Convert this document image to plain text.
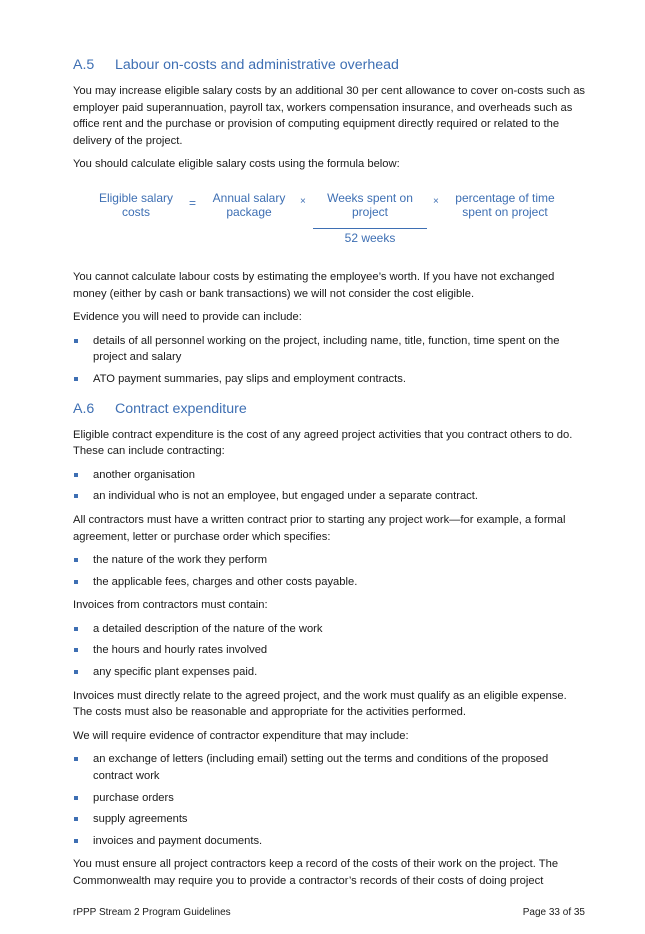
A.5	Labour on-costs and administrative overhead

You may increase eligible salary costs by an additional 30 per cent allowance to cover on-costs such as employer paid superannuation, payroll tax, workers compensation insurance, and overheads such as office rent and the purchase or provision of computing equipment directly required or related to the delivery of the project.

You should calculate eligible salary costs using the formula below:

Eligible salary
costs
=	Annual salary
package
×	Weeks spent on
project
52 weeks
×	percentage of time
spent on project

You cannot calculate labour costs by estimating the employee’s worth. If you have not exchanged money (either by cash or bank transactions) we will not consider the cost eligible.

Evidence you will need to provide can include:

details of all personnel working on the project, including name, title, function, time spent on the project and salary
ATO payment summaries, pay slips and employment contracts.
A.6	Contract expenditure

Eligible contract expenditure is the cost of any agreed project activities that you contract others to do. These can include contracting:

another organisation
an individual who is not an employee, but engaged under a separate contract.

All contractors must have a written contract prior to starting any project work—for example, a formal agreement, letter or purchase order which specifies:

the nature of the work they perform
the applicable fees, charges and other costs payable.

Invoices from contractors must contain:

a detailed description of the nature of the work
the hours and hourly rates involved
any specific plant expenses paid.

Invoices must directly relate to the agreed project, and the work must qualify as an eligible expense. The costs must also be reasonable and appropriate for the activities performed.

We will require evidence of contractor expenditure that may include:

an exchange of letters (including email) setting out the terms and conditions of the proposed contract work
purchase orders
supply agreements
invoices and payment documents.

You must ensure all project contractors keep a record of the costs of their work on the project. The Commonwealth may require you to provide a contractor’s records of their costs of doing project

rPPP Stream 2 Program Guidelines	Page 33 of 35
